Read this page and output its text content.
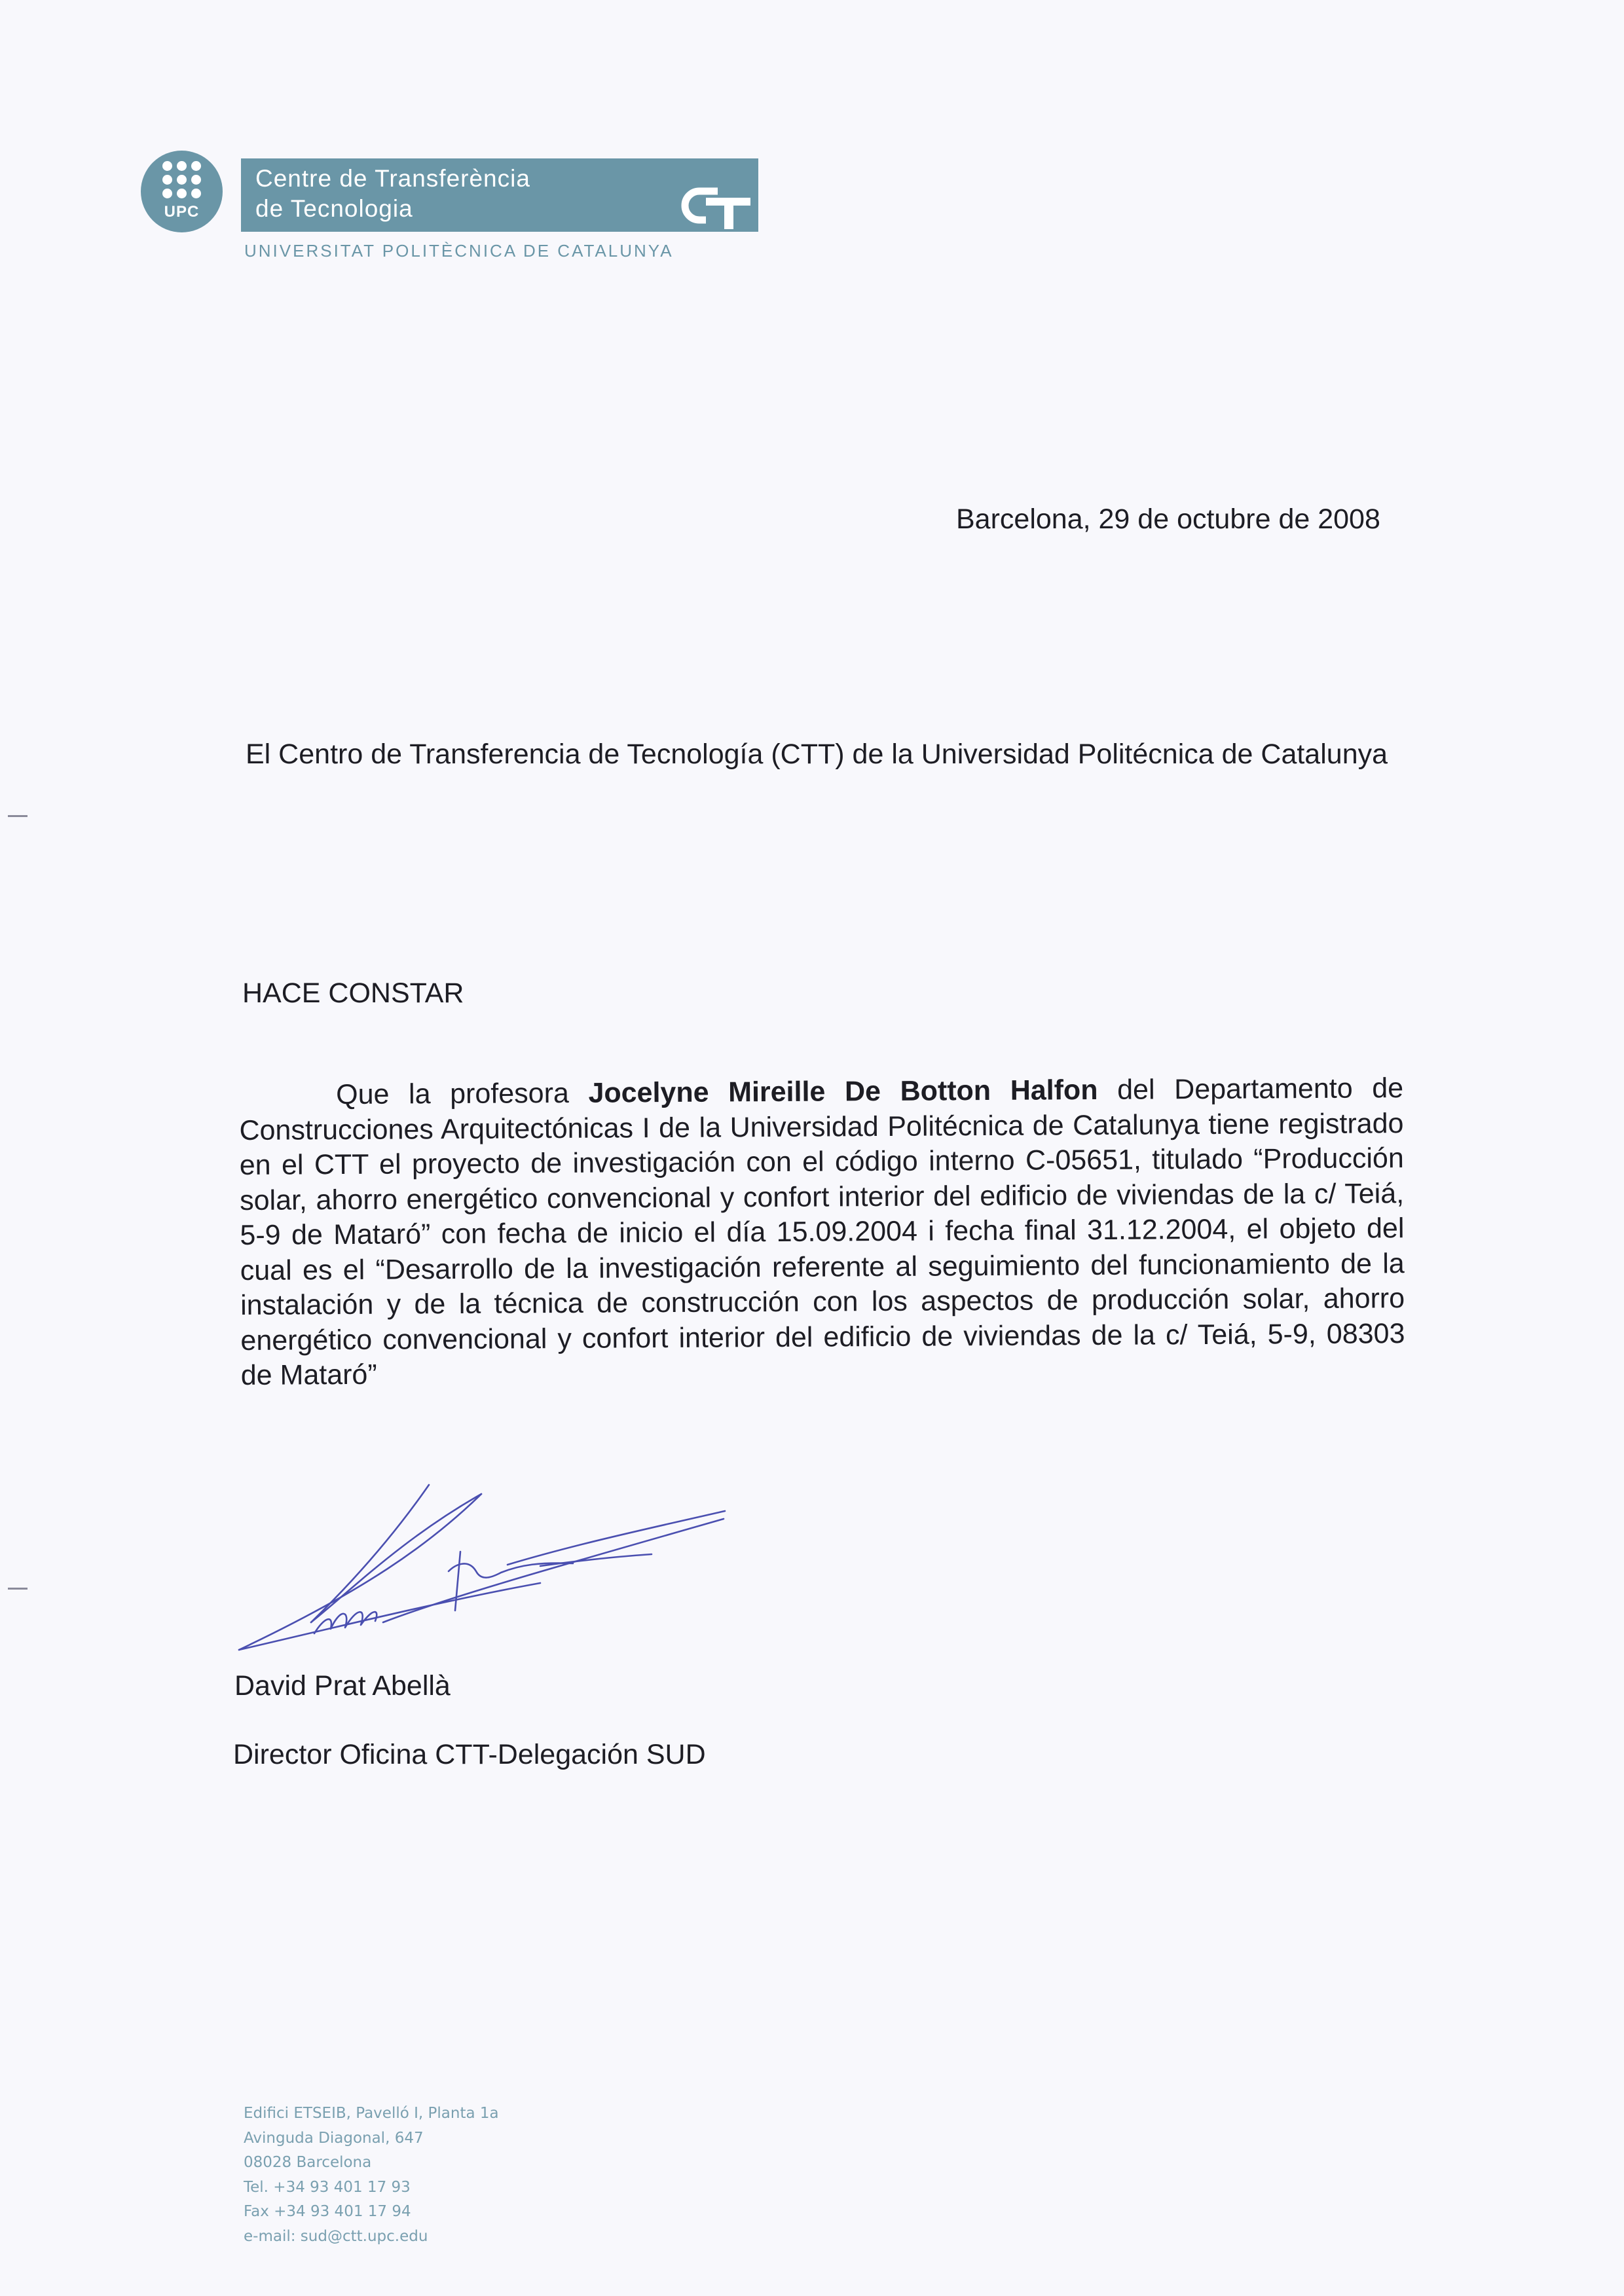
UPC
Centre de Transferència
de Tecnologia
UNIVERSITAT POLITÈCNICA DE CATALUNYA
Barcelona, 29 de octubre de 2008
El Centro de Transferencia de Tecnología (CTT) de la Universidad Politécnica de Catalunya
HACE CONSTAR
Que la profesora Jocelyne Mireille De Botton Halfon del Departamento de Construcciones Arquitectónicas I de la Universidad Politécnica de Catalunya tiene registrado en el CTT el proyecto de investigación con el código interno C-05651, titulado “Producción solar, ahorro energético convencional y confort interior del edificio de viviendas de la c/ Teiá, 5-9 de Mataró” con fecha de inicio el día 15.09.2004 i fecha final 31.12.2004, el objeto del cual es el “Desarrollo de la investigación referente al seguimiento del funcionamiento de la instalación y de la técnica de construcción con los aspectos de producción solar, ahorro energético convencional y confort interior del edificio de viviendas de la c/ Teiá, 5-9, 08303 de Mataró”
David Prat Abellà
Director Oficina CTT-Delegación SUD
Edifici ETSEIB, Pavelló I, Planta 1a
Avinguda Diagonal, 647
08028 Barcelona
Tel. +34 93 401 17 93
Fax +34 93 401 17 94
e-mail: sud@ctt.upc.edu
